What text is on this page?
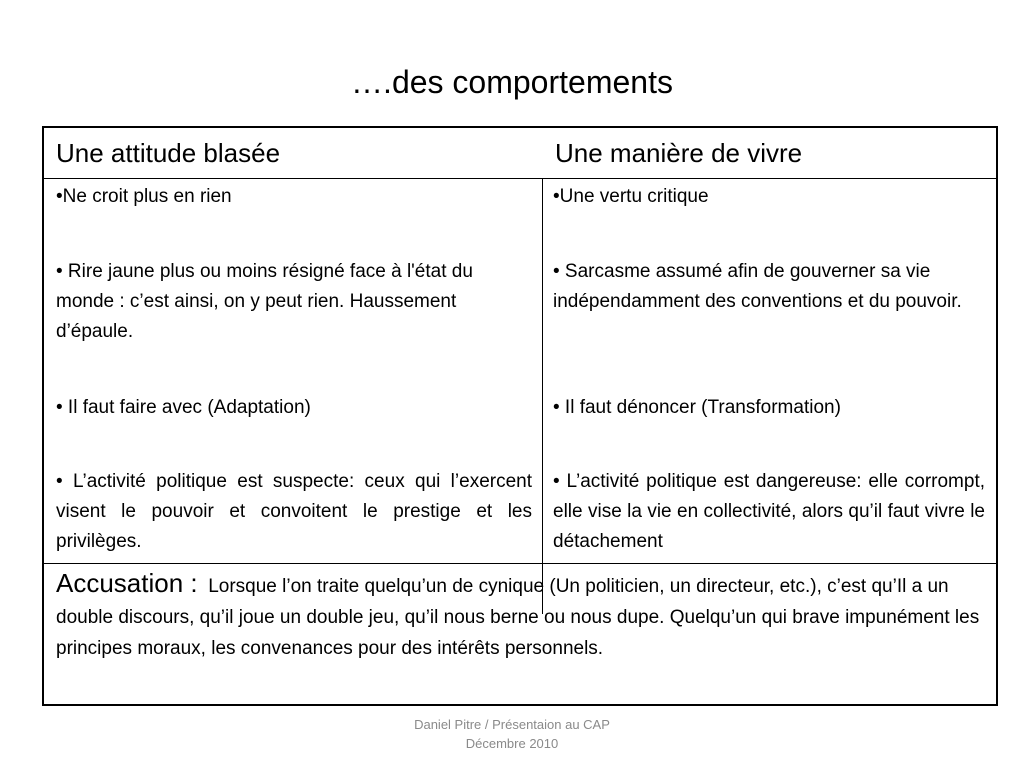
….des comportements
Une attitude blasée	Une manière de vivre
•Ne croit plus en rien
• Rire jaune plus ou moins résigné face à l'état du monde : c’est ainsi, on y peut rien. Haussement d’épaule.
• Il faut faire avec (Adaptation)
• L’activité politique est suspecte: ceux qui l’exercent visent le pouvoir et convoitent le prestige et les privilèges.
•Une vertu critique
• Sarcasme assumé afin de gouverner sa vie indépendamment des conventions et du pouvoir.
• Il faut dénoncer (Transformation)
• L’activité politique est dangereuse: elle corrompt, elle vise la vie en collectivité, alors qu’il faut vivre le détachement
Accusation : Lorsque l’on traite quelqu’un de cynique (Un politicien, un directeur, etc.), c’est qu’Il a un double discours, qu’il joue un double jeu, qu’il nous berne ou nous dupe. Quelqu’un qui brave impunément les principes moraux, les convenances pour des intérêts personnels.
Daniel Pitre / Présentaion au CAP
Décembre 2010
